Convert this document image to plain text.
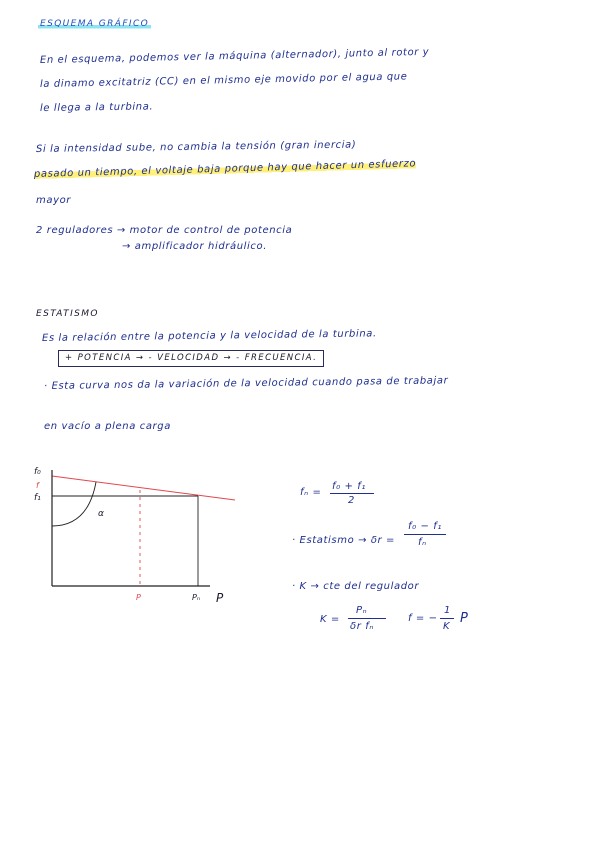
ESQUEMA GRÁFICO
En el esquema, podemos ver la máquina (alternador), junto al rotor y
la dinamo excitatriz (CC) en el mismo eje movido por el agua que
le llega a la turbina.
Si la intensidad sube, no cambia la tensión (gran inercia)
pasado un tiempo, el voltaje baja porque hay que hacer un esfuerzo
mayor
2 reguladores → motor de control de potencia
→ amplificador hidráulico.
ESTATISMO
Es la relación entre la potencia y la velocidad de la turbina.
+ POTENCIA → - VELOCIDAD → - FRECUENCIA.
· Esta curva nos da la variación de la velocidad cuando pasa de trabajar
en vacío a plena carga
f₀
f
f₁
α
P	Pₙ P
fₙ =
f₀ + f₁
2
· Estatismo → δr =
f₀ − f₁
fₙ
· K → cte del regulador
K =
Pₙ
δr fₙ
f = −
1
K
P
